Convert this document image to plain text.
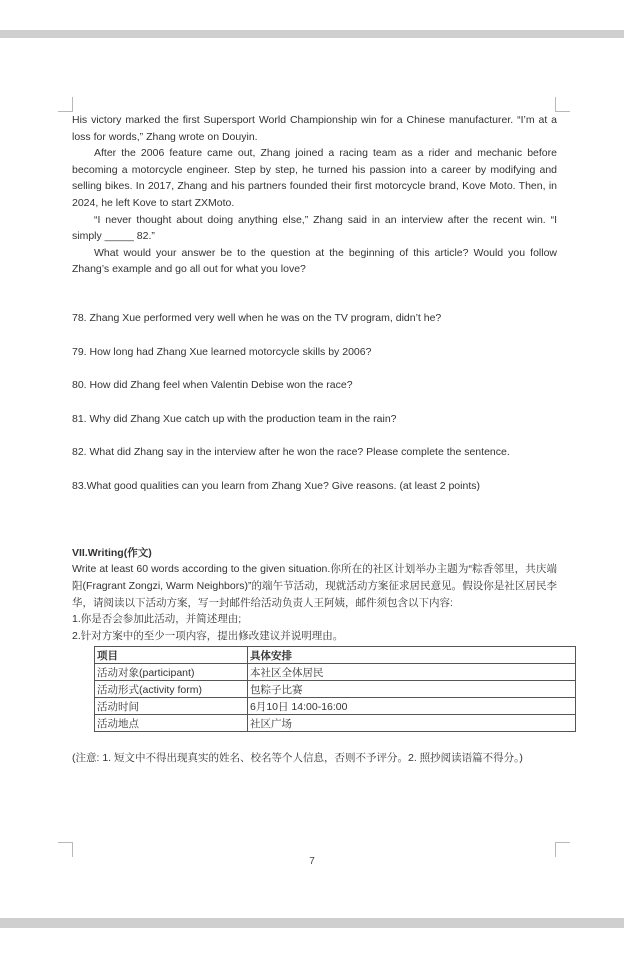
His victory marked the first Supersport World Championship win for a Chinese manufacturer. “I’m at a loss for words,” Zhang wrote on Douyin.

After the 2006 feature came out, Zhang joined a racing team as a rider and mechanic before becoming a motorcycle engineer. Step by step, he turned his passion into a career by modifying and selling bikes. In 2017, Zhang and his partners founded their first motorcycle brand, Kove Moto. Then, in 2024, he left Kove to start ZXMoto.

“I never thought about doing anything else,” Zhang said in an interview after the recent win. “I simply _____ 82.”

What would your answer be to the question at the beginning of this article? Would you follow Zhang’s example and go all out for what you love?

78. Zhang Xue performed very well when he was on the TV program, didn’t he?

79. How long had Zhang Xue learned motorcycle skills by 2006?

80. How did Zhang feel when Valentin Debise won the race?

81. Why did Zhang Xue catch up with the production team in the rain?

82. What did Zhang say in the interview after he won the race? Please complete the sentence.

83.What good qualities can you learn from Zhang Xue? Give reasons. (at least 2 points)

VII.Writing(作文)

Write at least 60 words according to the given situation.你所在的社区计划举办主题为“粽香邻里，共庆端阳(Fragrant Zongzi, Warm Neighbors)”的端午节活动，现就活动方案征求居民意见。假设你是社区居民李华，请阅读以下活动方案，写一封邮件给活动负责人王阿姨，邮件须包含以下内容:

1.你是否会参加此活动，并简述理由;

2.针对方案中的至少一项内容，提出修改建议并说明理由。

项目	具体安排
活动对象(participant)	本社区全体居民
活动形式(activity form)	包粽子比赛
活动时间	6月10日 14:00-16:00
活动地点	社区广场

(注意: 1. 短文中不得出现真实的姓名、校名等个人信息，否则不予评分。2. 照抄阅读语篇不得分。)

7
